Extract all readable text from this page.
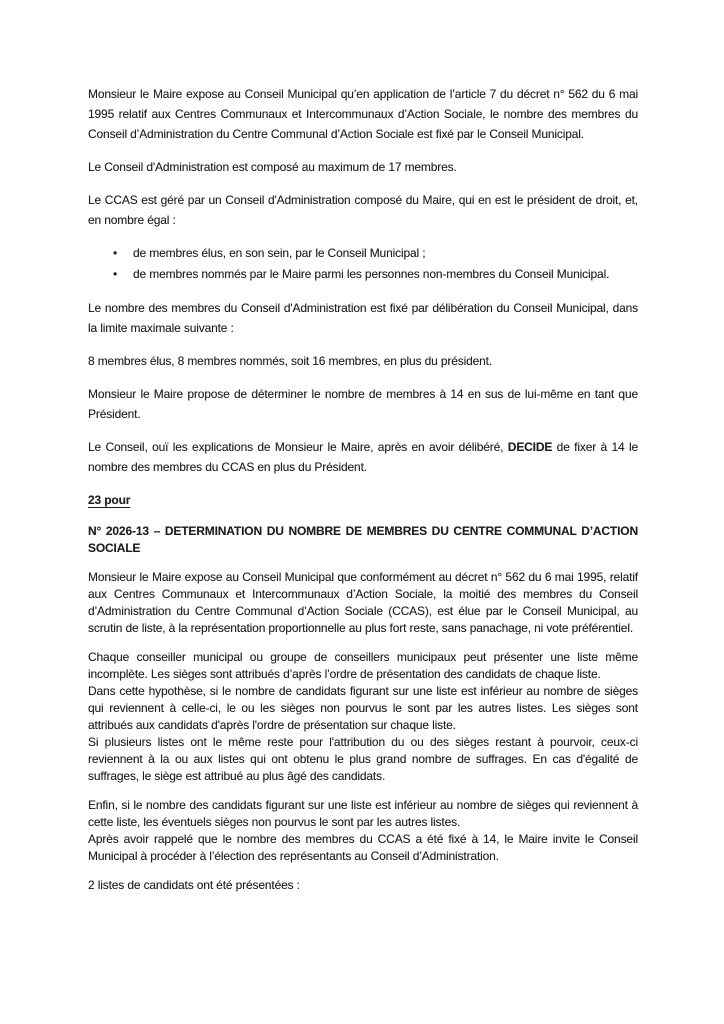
Monsieur le Maire expose au Conseil Municipal qu’en application de l’article 7 du décret n° 562 du 6 mai 1995 relatif aux Centres Communaux et Intercommunaux d’Action Sociale, le nombre des membres du Conseil d’Administration du Centre Communal d’Action Sociale est fixé par le Conseil Municipal.

Le Conseil d'Administration est composé au maximum de 17 membres.

Le CCAS est géré par un Conseil d'Administration composé du Maire, qui en est le président de droit, et, en nombre égal :

•	de membres élus, en son sein, par le Conseil Municipal ;
•	de membres nommés par le Maire parmi les personnes non-membres du Conseil Municipal.

Le nombre des membres du Conseil d'Administration est fixé par délibération du Conseil Municipal, dans la limite maximale suivante :

8 membres élus, 8 membres nommés, soit 16 membres, en plus du président.

Monsieur le Maire propose de déterminer le nombre de membres à 14 en sus de lui-même en tant que Président.

Le Conseil, ouï les explications de Monsieur le Maire, après en avoir délibéré, DECIDE de fixer à 14 le nombre des membres du CCAS en plus du Président.

23 pour

N° 2026-13 – DETERMINATION DU NOMBRE DE MEMBRES DU CENTRE COMMUNAL D’ACTION SOCIALE

Monsieur le Maire expose au Conseil Municipal que conformément au décret n° 562 du 6 mai 1995, relatif aux Centres Communaux et Intercommunaux d’Action Sociale, la moitié des membres du Conseil d’Administration du Centre Communal d’Action Sociale (CCAS), est élue par le Conseil Municipal, au scrutin de liste, à la représentation proportionnelle au plus fort reste, sans panachage, ni vote préférentiel.

Chaque conseiller municipal ou groupe de conseillers municipaux peut présenter une liste même incomplète. Les sièges sont attribués d’après l’ordre de présentation des candidats de chaque liste.

Dans cette hypothèse, si le nombre de candidats figurant sur une liste est inférieur au nombre de sièges qui reviennent à celle-ci, le ou les sièges non pourvus le sont par les autres listes. Les sièges sont attribués aux candidats d'après l'ordre de présentation sur chaque liste.

Si plusieurs listes ont le même reste pour l'attribution du ou des sièges restant à pourvoir, ceux-ci reviennent à la ou aux listes qui ont obtenu le plus grand nombre de suffrages. En cas d'égalité de suffrages, le siège est attribué au plus âgé des candidats.

Enfin, si le nombre des candidats figurant sur une liste est inférieur au nombre de sièges qui reviennent à cette liste, les éventuels sièges non pourvus le sont par les autres listes.

Après avoir rappelé que le nombre des membres du CCAS a été fixé à 14, le Maire invite le Conseil Municipal à procéder à l’élection des représentants au Conseil d’Administration.

2 listes de candidats ont été présentées :
